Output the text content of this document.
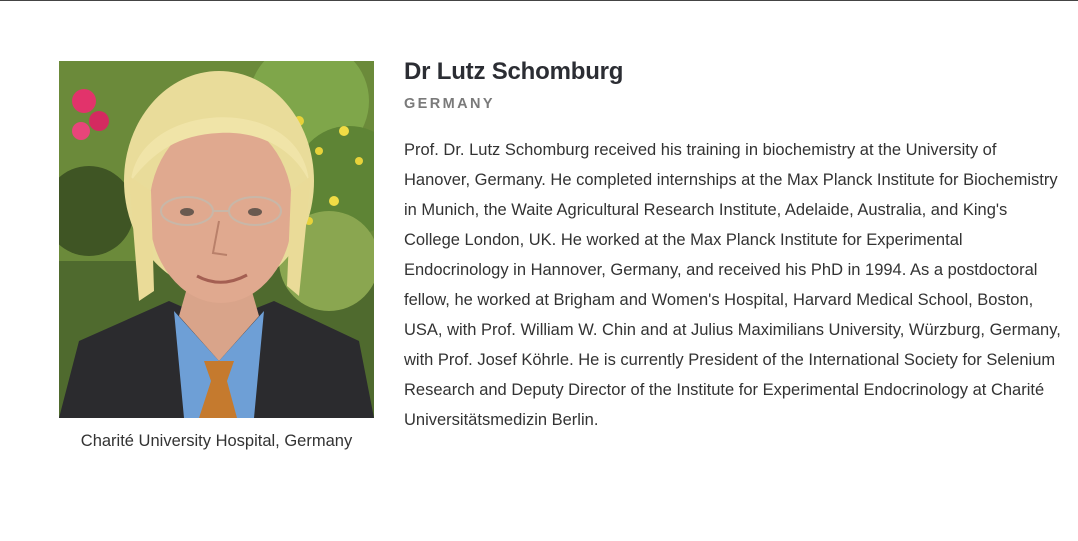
Charité University Hospital, Germany
Dr Lutz Schomburg
GERMANY

Prof. Dr. Lutz Schomburg received his training in biochemistry at the University of Hanover, Germany. He completed internships at the Max Planck Institute for Biochemistry in Munich, the Waite Agricultural Research Institute, Adelaide, Australia, and King's College London, UK. He worked at the Max Planck Institute for Experimental Endocrinology in Hannover, Germany, and received his PhD in 1994. As a postdoctoral fellow, he worked at Brigham and Women's Hospital, Harvard Medical School, Boston, USA, with Prof. William W. Chin and at Julius Maximilians University, Würzburg, Germany, with Prof. Josef Köhrle. He is currently President of the International Society for Selenium Research and Deputy Director of the Institute for Experimental Endocrinology at Charité Universitätsmedizin Berlin.
